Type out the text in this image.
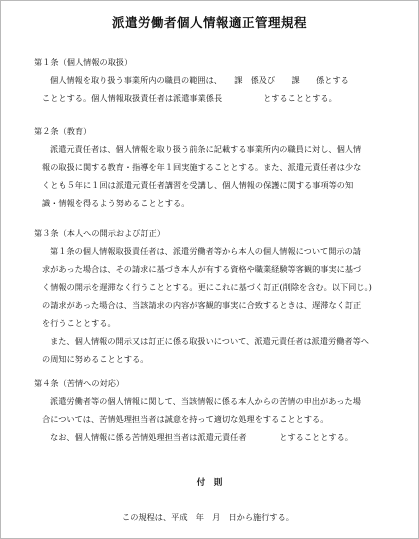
派遣労働者個人情報適正管理規程
第１条（個人情報の取扱）
個人情報を取り扱う事業所内の職員の範囲は、　　課　係及び　　課　　係とする
こととする。個人情報取扱責任者は派遣事業係長　　　　　とすることとする。
第２条（教育）
派遣元責任者は、個人情報を取り扱う前条に記載する事業所内の職員に対し、個人情
報の取扱に関する教育・指導を年１回実施することとする。また、派遣元責任者は少な
くとも５年に１回は派遣元責任者講習を受講し、個人情報の保護に関する事項等の知
識・情報を得るよう努めることとする。
第３条（本人への開示および訂正）
第１条の個人情報取扱責任者は、派遣労働者等から本人の個人情報について開示の請
求があった場合は、その請求に基づき本人が有する資格や職業経験等客観的事実に基づ
く情報の開示を遅滞なく行うこととする。更にこれに基づく訂正(削除を含む。以下同じ。)
の請求があった場合は、当該請求の内容が客観的事実に合致するときは、遅滞なく訂正
を行うこととする。
また、個人情報の開示又は訂正に係る取扱いについて、派遣元責任者は派遣労働者等へ
の周知に努めることとする。
第４条（苦情への対応）
派遣労働者等の個人情報に関して、当該情報に係る本人からの苦情の申出があった場
合については、苦情処理担当者は誠意を持って適切な処理をすることとする。
なお、個人情報に係る苦情処理担当者は派遣元責任者　　　　とすることとする。
付　則
この規程は、平成　年　月　日から施行する。
